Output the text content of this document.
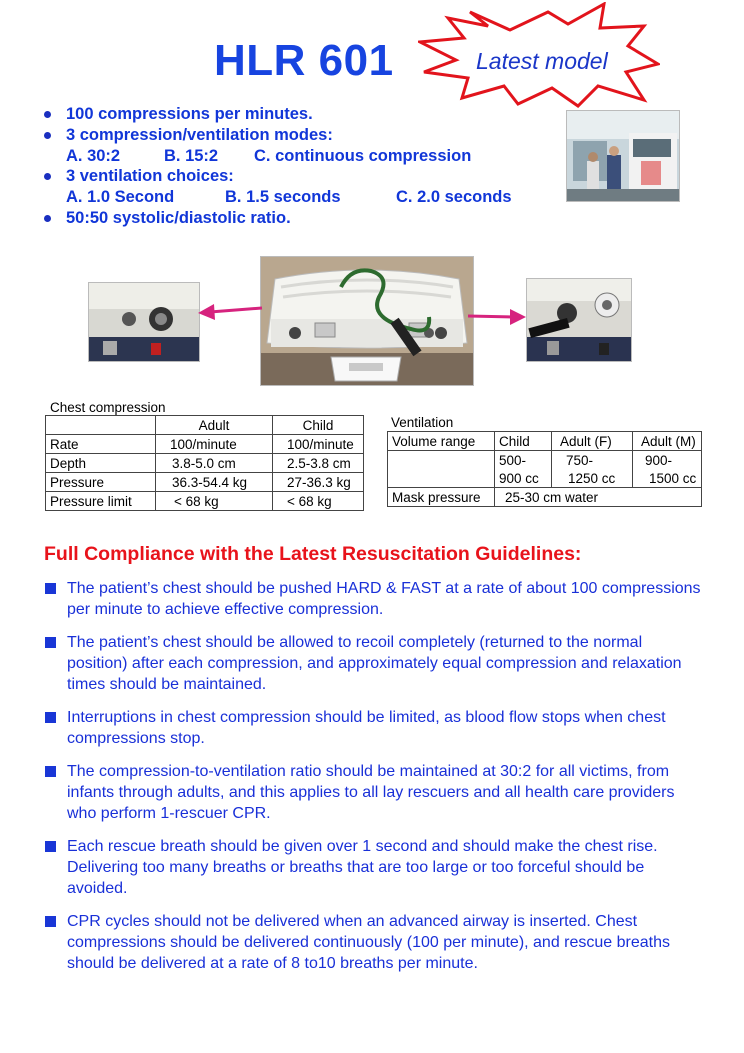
HLR 601	Latest model
100 compressions per minutes.
3 compression/ventilation modes:
A. 30:2	B. 15:2 C. continuous compression
3 ventilation choices:
A. 1.0 Second	B. 1.5 seconds	C. 2.0 seconds
50:50 systolic/diastolic ratio.
Chest compression
	Adult	Child
Rate	100/minute	100/minute
Depth	3.8-5.0 cm	2.5-3.8 cm
Pressure	36.3-54.4 kg	27-36.3 kg
Pressure limit	< 68 kg	< 68 kg
Ventilation
Volume range	Child	Adult (F)	Adult (M)
	500-	750-	900-
	900 cc	1250 cc	1500 cc
Mask pressure	25-30 cm water		
Full Compliance with the Latest Resuscitation Guidelines:
The patient’s chest should be pushed HARD & FAST at a rate of about 100 compressions per minute to achieve effective compression.
The patient’s chest should be allowed to recoil completely (returned to the normal position) after each compression, and approximately equal compression and relaxation times should be maintained.
Interruptions in chest compression should be limited, as blood flow stops when chest compressions stop.
The compression-to-ventilation ratio should be maintained at 30:2 for all victims, from infants through adults, and this applies to all lay rescuers and all health care providers who perform 1-rescuer CPR.
Each rescue breath should be given over 1 second and should make the chest rise. Delivering too many breaths or breaths that are too large or too forceful should be avoided.
CPR cycles should not be delivered when an advanced airway is inserted. Chest compressions should be delivered continuously (100 per minute), and rescue breaths should be delivered at a rate of 8 to10 breaths per minute.
